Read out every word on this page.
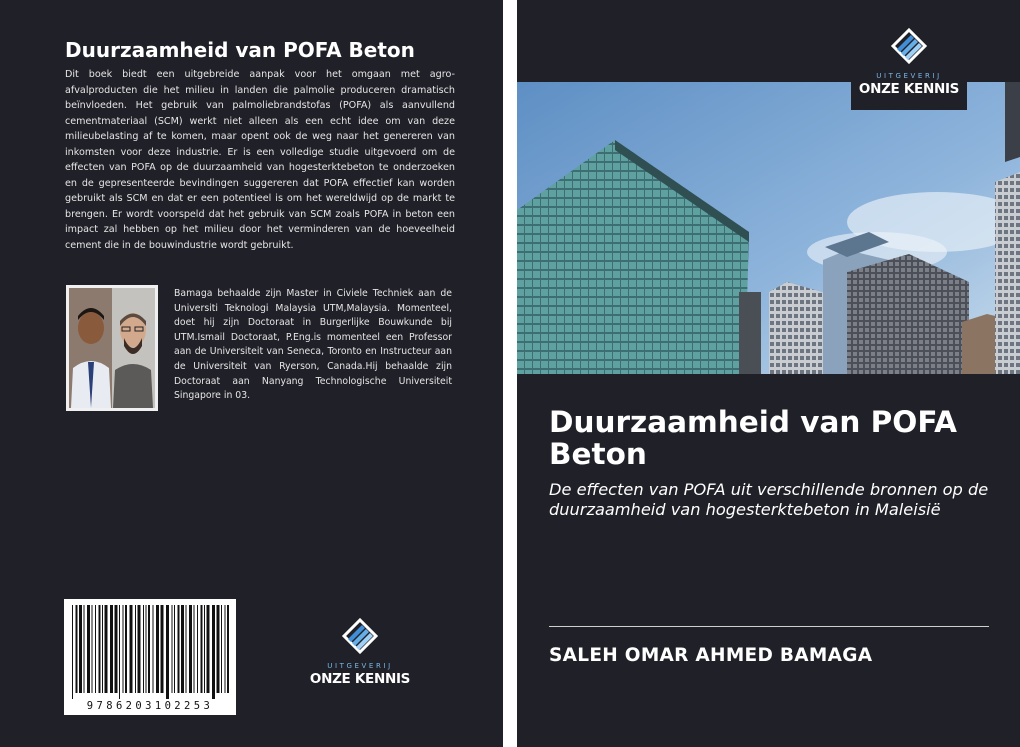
Duurzaamheid van POFA Beton

Dit boek biedt een uitgebreide aanpak voor het omgaan met agro-afvalproducten die het milieu in landen die palmolie produceren dramatisch beïnvloeden. Het gebruik van palmoliebrandstofas (POFA) als aanvullend cementmateriaal (SCM) werkt niet alleen als een echt idee om van deze milieubelasting af te komen, maar opent ook de weg naar het genereren van inkomsten voor deze industrie. Er is een volledige studie uitgevoerd om de effecten van POFA op de duurzaamheid van hogesterktebeton te onderzoeken en de gepresenteerde bevindingen suggereren dat POFA effectief kan worden gebruikt als SCM en dat er een potentieel is om het wereldwijd op de markt te brengen. Er wordt voorspeld dat het gebruik van SCM zoals POFA in beton een impact zal hebben op het milieu door het verminderen van de hoeveelheid cement die in de bouwindustrie wordt gebruikt.

Bamaga behaalde zijn Master in Civiele Techniek aan de Universiti Teknologi Malaysia UTM,Malaysia. Momenteel, doet hij zijn Doctoraat in Burgerlijke Bouwkunde bij UTM.Ismail Doctoraat, P.Eng.is momenteel een Professor aan de Universiteit van Seneca, Toronto en Instructeur aan de Universiteit van Ryerson, Canada.Hij behaalde zijn Doctoraat aan Nanyang Technologische Universiteit Singapore in 03.

9786203102253
UITGEVERIJ
ONZE KENNIS
UITGEVERIJ
ONZE KENNIS
Duurzaamheid van POFA Beton
De effecten van POFA uit verschillende bronnen op de duurzaamheid van hogesterktebeton in Maleisië
SALEH OMAR AHMED BAMAGA
